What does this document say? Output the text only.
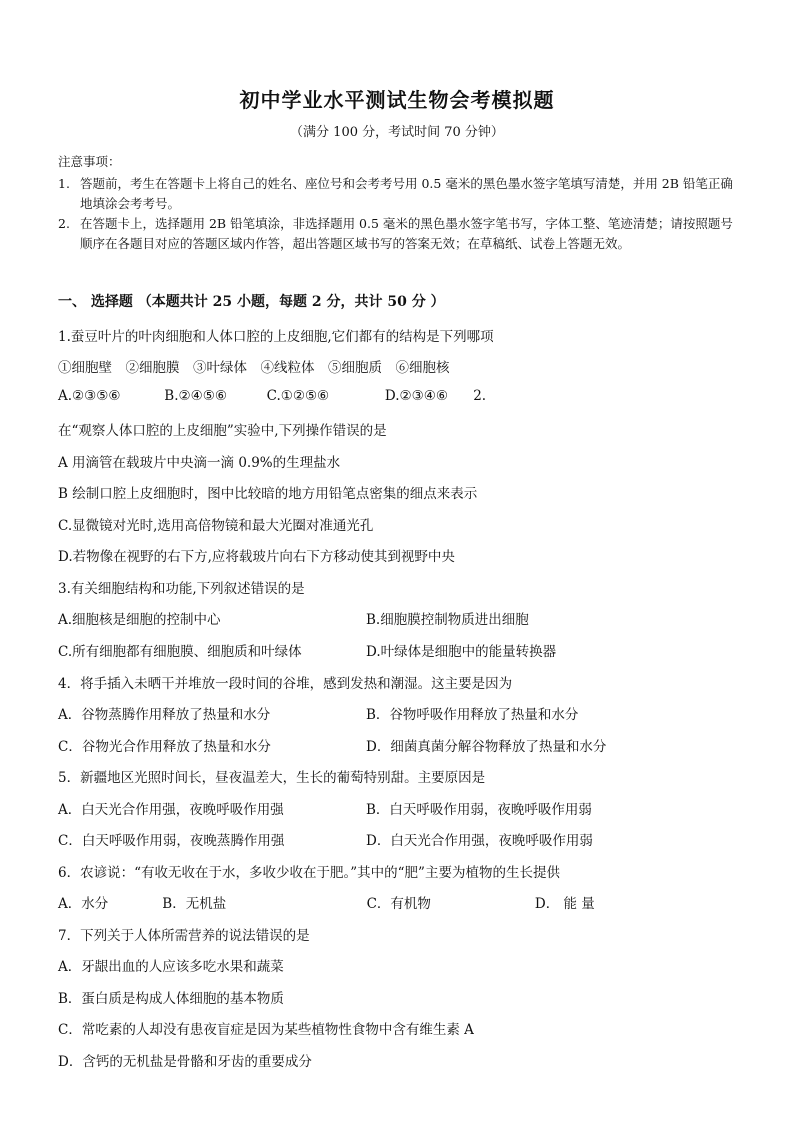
初中学业水平测试生物会考模拟题
（满分 100 分，考试时间 70 分钟）
注意事项：
1. 答题前，考生在答题卡上将自己的姓名、座位号和会考考号用 0.5 毫米的黑色墨水签字笔填写清楚，并用 2B 铅笔正确地填涂会考考号。
2. 在答题卡上，选择题用 2B 铅笔填涂，非选择题用 0.5 毫米的黑色墨水签字笔书写，字体工整、笔迹清楚；请按照题号顺序在各题目对应的答题区域内作答，超出答题区域书写的答案无效；在草稿纸、试卷上答题无效。
一、 选择题 （本题共计 25 小题，每题 2 分，共计 50 分 ）
1.蚕豆叶片的叶肉细胞和人体口腔的上皮细胞,它们都有的结构是下列哪项
①细胞壁　②细胞膜　③叶绿体　④线粒体　⑤细胞质　⑥细胞核
A.②③⑤⑥	B.②④⑤⑥	C.①②⑤⑥	D.②③④⑥ 2.
在“观察人体口腔的上皮细胞”实验中,下列操作错误的是
A 用滴管在载玻片中央滴一滴 0.9%的生理盐水
B 绘制口腔上皮细胞时，图中比较暗的地方用铅笔点密集的细点来表示
C.显微镜对光时,选用高倍物镜和最大光圈对准通光孔
D.若物像在视野的右下方,应将载玻片向右下方移动使其到视野中央
3.有关细胞结构和功能,下列叙述错误的是
A.细胞核是细胞的控制中心	B.细胞膜控制物质进出细胞
C.所有细胞都有细胞膜、细胞质和叶绿体	D.叶绿体是细胞中的能量转换器
4．将手插入未晒干并堆放一段时间的谷堆，感到发热和潮湿。这主要是因为
A．谷物蒸腾作用释放了热量和水分	B．谷物呼吸作用释放了热量和水分
C．谷物光合作用释放了热量和水分	D．细菌真菌分解谷物释放了热量和水分
5．新疆地区光照时间长，昼夜温差大，生长的葡萄特别甜。主要原因是
A．白天光合作用强，夜晚呼吸作用强	B．白天呼吸作用弱，夜晚呼吸作用弱
C．白天呼吸作用弱，夜晚蒸腾作用强	D．白天光合作用强，夜晚呼吸作用弱
6．农谚说：“有收无收在于水，多收少收在于肥。”其中的“肥”主要为植物的生长提供
A．水分	B．无机盐	C．有机物	D． 能 量
7．下列关于人体所需营养的说法错误的是
A．牙龈出血的人应该多吃水果和蔬菜
B．蛋白质是构成人体细胞的基本物质
C．常吃素的人却没有患夜盲症是因为某些植物性食物中含有维生素 A
D．含钙的无机盐是骨骼和牙齿的重要成分
